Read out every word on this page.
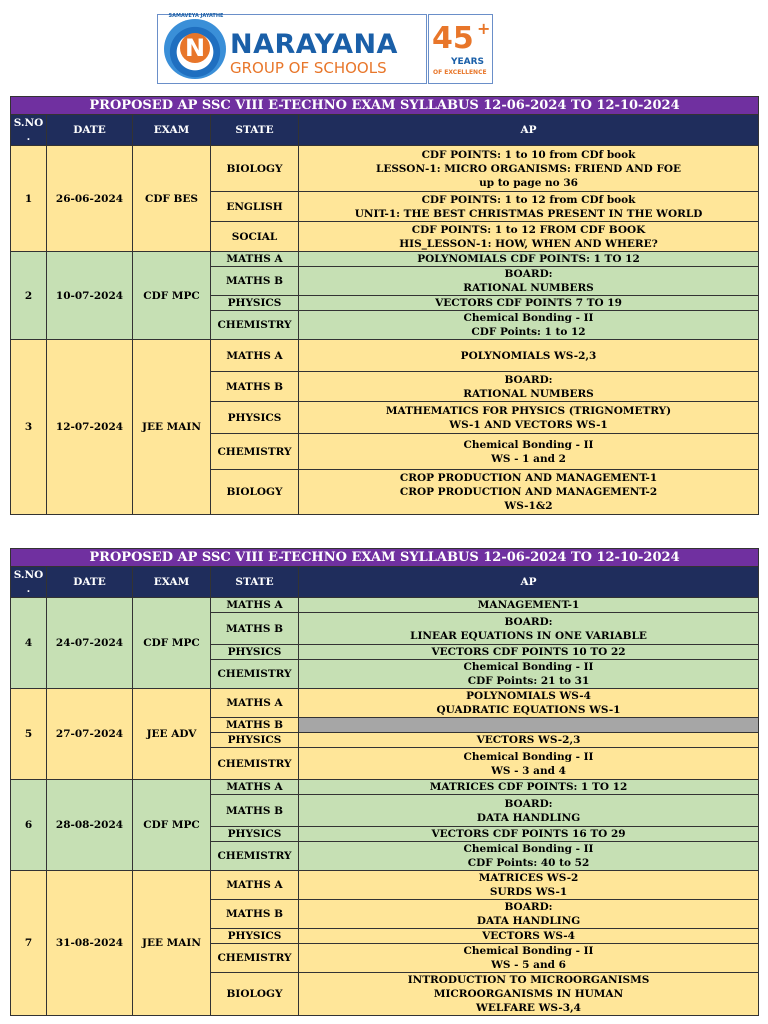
SAMAVEYA JAYATHE
N NARAYANA
GROUP OF SCHOOLS
45 +
YEARS
OF EXCELLENCE
PROPOSED AP SSC VIII E-TECHNO EXAM SYLLABUS 12-06-2024 TO 12-10-2024				
S.NO
.	DATE	EXAM	STATE	AP
1	26-06-2024	CDF BES	BIOLOGY	CDF POINTS: 1 to 10 from CDf book
LESSON-1: MICRO ORGANISMS: FRIEND AND FOE
up to page no 36

			ENGLISH	CDF POINTS: 1 to 12 from CDf book
UNIT-1: THE BEST CHRISTMAS PRESENT IN THE WORLD

			SOCIAL	CDF POINTS: 1 to 12 FROM CDF BOOK
HIS_LESSON-1: HOW, WHEN AND WHERE?

2	10-07-2024	CDF MPC	MATHS A	POLYNOMIALS CDF POINTS: 1 TO 12

			MATHS B	BOARD:
RATIONAL NUMBERS

			PHYSICS	VECTORS CDF POINTS 7 TO 19

			CHEMISTRY	Chemical Bonding - II
CDF Points: 1 to 12

3	12-07-2024	JEE MAIN	MATHS A	POLYNOMIALS WS-2,3

			MATHS B	BOARD:
RATIONAL NUMBERS

			PHYSICS	MATHEMATICS FOR PHYSICS (TRIGNOMETRY)
WS-1 AND VECTORS WS-1

			CHEMISTRY	Chemical Bonding - II
WS - 1 and 2

			BIOLOGY	CROP PRODUCTION AND MANAGEMENT-1
CROP PRODUCTION AND MANAGEMENT-2
WS-1&2
PROPOSED AP SSC VIII E-TECHNO EXAM SYLLABUS 12-06-2024 TO 12-10-2024				
S.NO
.	DATE	EXAM	STATE	AP
4	24-07-2024	CDF MPC	MATHS A	MANAGEMENT-1

			MATHS B	BOARD:
LINEAR EQUATIONS IN ONE VARIABLE

			PHYSICS	VECTORS CDF POINTS 10 TO 22

			CHEMISTRY	Chemical Bonding - II
CDF Points: 21 to 31

5	27-07-2024	JEE ADV	MATHS A	POLYNOMIALS WS-4
QUADRATIC EQUATIONS WS-1

			MATHS B	
			PHYSICS	VECTORS WS-2,3

			CHEMISTRY	Chemical Bonding - II
WS - 3 and 4

6	28-08-2024	CDF MPC	MATHS A	MATRICES CDF POINTS: 1 TO 12

			MATHS B	BOARD:
DATA HANDLING

			PHYSICS	VECTORS CDF POINTS 16 TO 29

			CHEMISTRY	Chemical Bonding - II
CDF Points: 40 to 52

7	31-08-2024	JEE MAIN	MATHS A	MATRICES WS-2
SURDS WS-1

			MATHS B	BOARD:
DATA HANDLING

			PHYSICS	VECTORS WS-4

			CHEMISTRY	Chemical Bonding - II
WS - 5 and 6

			BIOLOGY	INTRODUCTION TO MICROORGANISMS
MICROORGANISMS IN HUMAN
WELFARE WS-3,4
